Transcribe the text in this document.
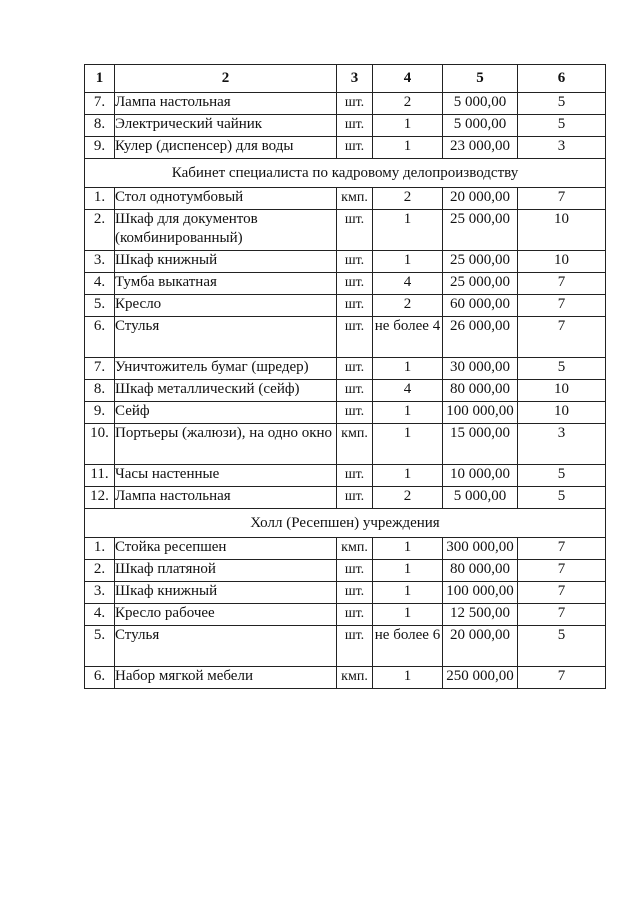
1	2	3	4	5	6
7.	Лампа настольная	шт.	2	5 000,00	5
8.	Электрический чайник	шт.	1	5 000,00	5
9.	Кулер (диспенсер) для воды	шт.	1	23 000,00	3
Кабинет специалиста по кадровому делопроизводству					
1.	Стол однотумбовый	кмп.	2	20 000,00	7
2.	Шкаф для документов (комбинированный)	шт.	1	25 000,00	10
3.	Шкаф книжный	шт.	1	25 000,00	10
4.	Тумба выкатная	шт.	4	25 000,00	7
5.	Кресло	шт.	2	60 000,00	7
6.	Стулья	шт.	не более 4	26 000,00	7
7.	Уничтожитель бумаг (шредер)	шт.	1	30 000,00	5
8.	Шкаф металлический (сейф)	шт.	4	80 000,00	10
9.	Сейф	шт.	1	100 000,00	10
10.	Портьеры (жалюзи), на одно окно	кмп.	1	15 000,00	3
11.	Часы настенные	шт.	1	10 000,00	5
12.	Лампа настольная	шт.	2	5 000,00	5
Холл (Ресепшен) учреждения					
1.	Стойка ресепшен	кмп.	1	300 000,00	7
2.	Шкаф платяной	шт.	1	80 000,00	7
3.	Шкаф книжный	шт.	1	100 000,00	7
4.	Кресло рабочее	шт.	1	12 500,00	7
5.	Стулья	шт.	не более 6	20 000,00	5
6.	Набор мягкой мебели	кмп.	1	250 000,00	7
